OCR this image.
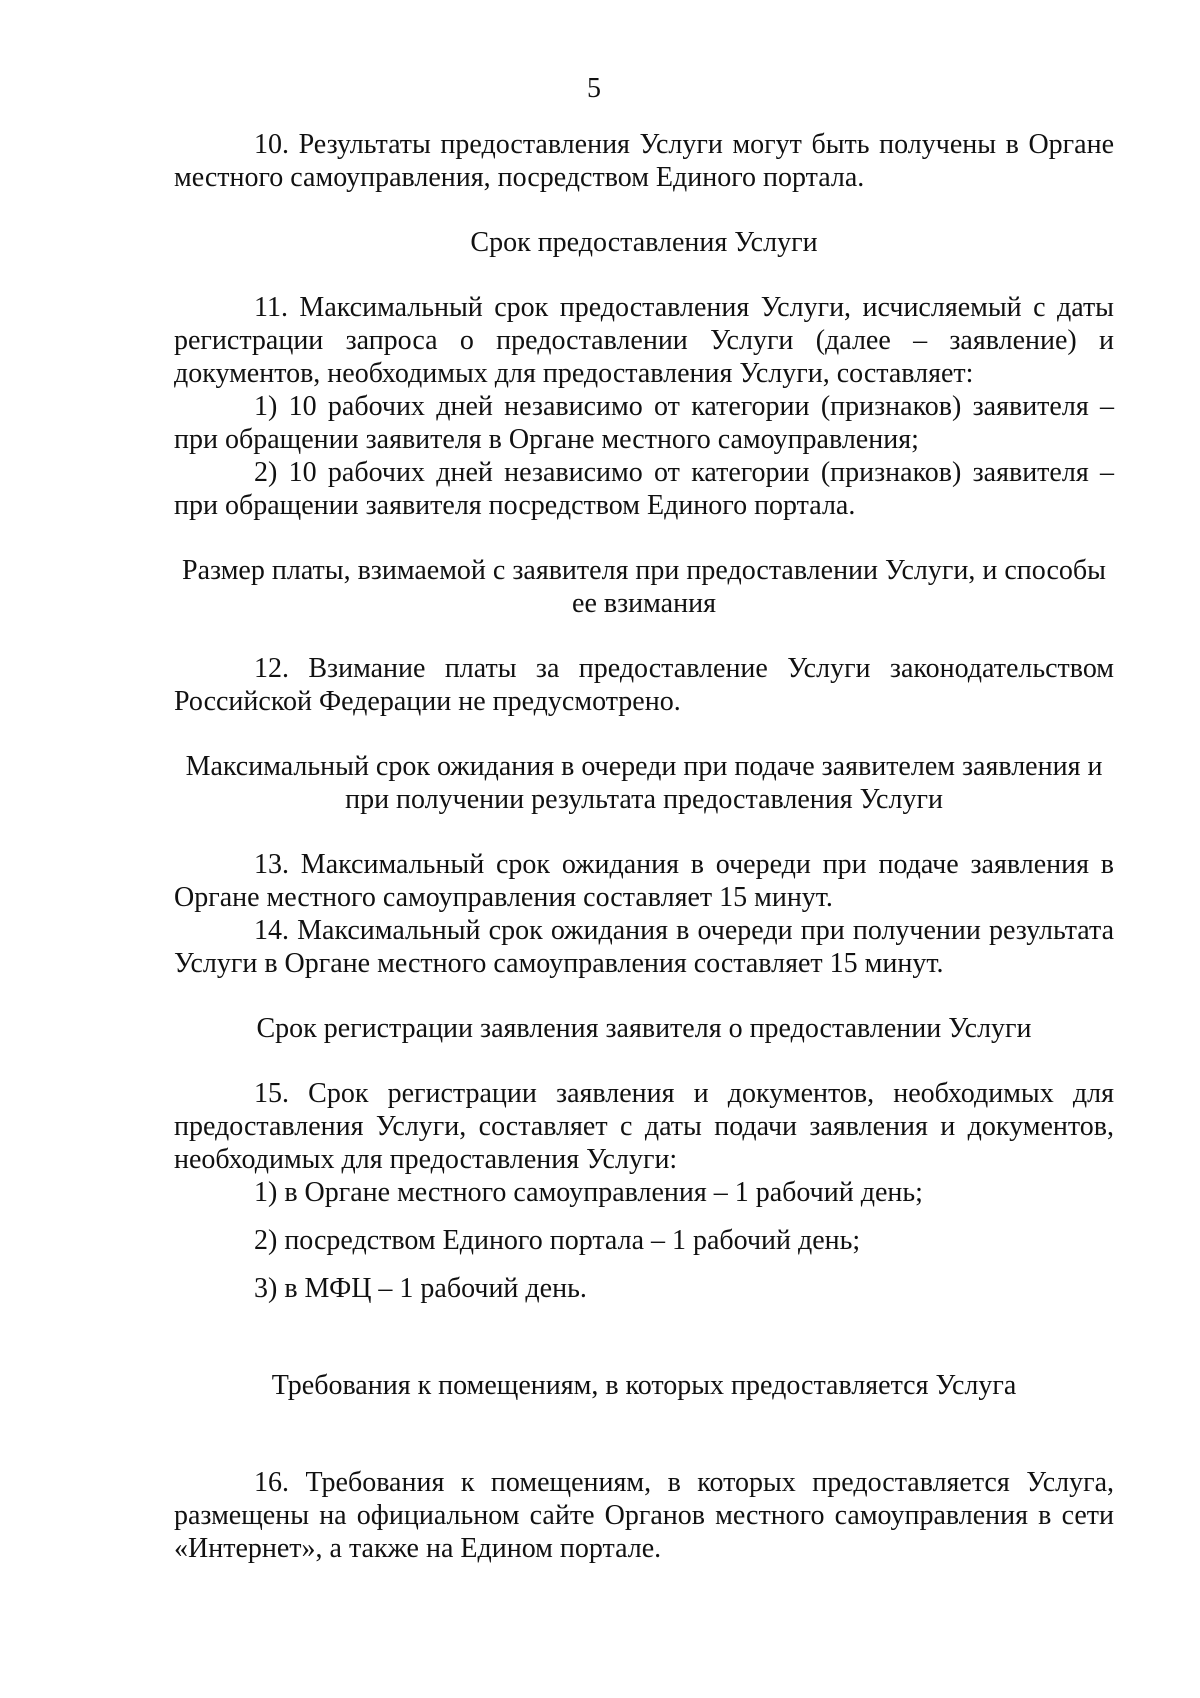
5

10. Результаты предоставления Услуги могут быть получены в Органе местного самоуправления, посредством Единого портала.

Срок предоставления Услуги

11. Максимальный срок предоставления Услуги, исчисляемый с даты регистрации запроса о предоставлении Услуги (далее – заявление) и документов, необходимых для предоставления Услуги, составляет:

1) 10 рабочих дней независимо от категории (признаков) заявителя – при обращении заявителя в Органе местного самоуправления;

2) 10 рабочих дней независимо от категории (признаков) заявителя – при обращении заявителя посредством Единого портала.

Размер платы, взимаемой с заявителя при предоставлении Услуги, и способы ее взимания

12. Взимание платы за предоставление Услуги законодательством Российской Федерации не предусмотрено.

Максимальный срок ожидания в очереди при подаче заявителем заявления и при получении результата предоставления Услуги

13. Максимальный срок ожидания в очереди при подаче заявления в Органе местного самоуправления составляет 15 минут.

14. Максимальный срок ожидания в очереди при получении результата Услуги в Органе местного самоуправления составляет 15 минут.

Срок регистрации заявления заявителя о предоставлении Услуги

15. Срок регистрации заявления и документов, необходимых для предоставления Услуги, составляет с даты подачи заявления и документов, необходимых для предоставления Услуги:

1) в Органе местного самоуправления – 1 рабочий день;

2) посредством Единого портала – 1 рабочий день;

3) в МФЦ – 1 рабочий день.

Требования к помещениям, в которых предоставляется Услуга

16. Требования к помещениям, в которых предоставляется Услуга, размещены на официальном сайте Органов местного самоуправления в сети «Интернет», а также на Едином портале.
